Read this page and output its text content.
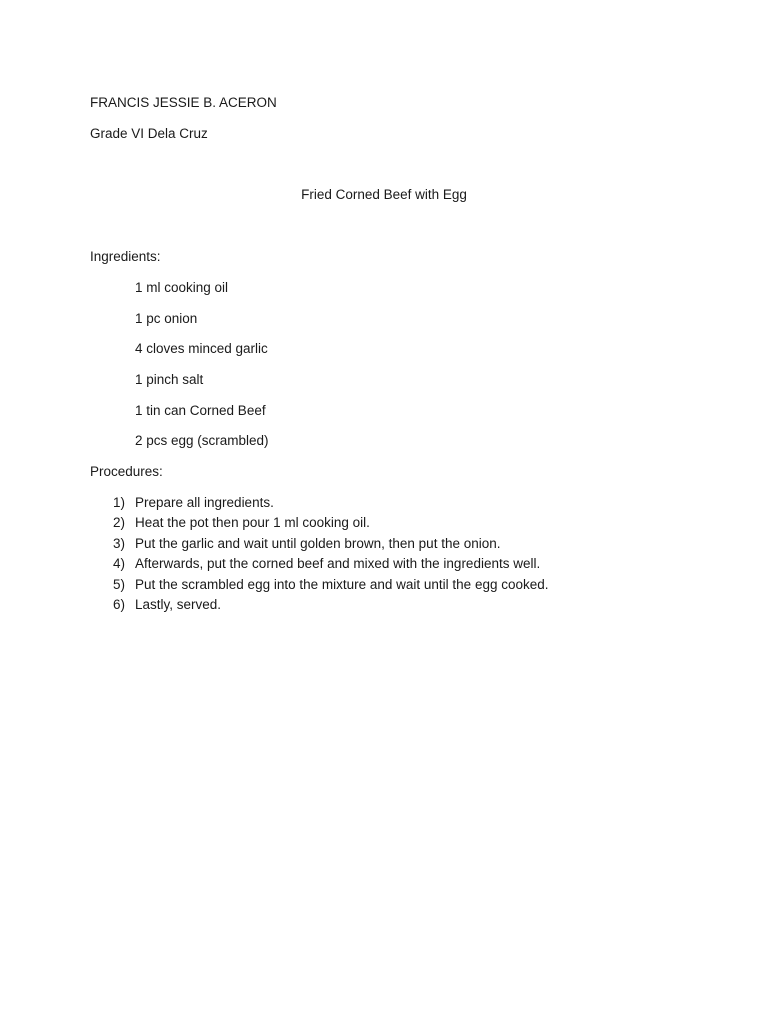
FRANCIS JESSIE B. ACERON
Grade VI Dela Cruz
Fried Corned Beef with Egg
Ingredients:
1 ml cooking oil
1 pc onion
4 cloves minced garlic
1 pinch salt
1 tin can Corned Beef
2 pcs egg (scrambled)
Procedures:
1) Prepare all ingredients.
2) Heat the pot then pour 1 ml cooking oil.
3) Put the garlic and wait until golden brown, then put the onion.
4) Afterwards, put the corned beef and mixed with the ingredients well.
5) Put the scrambled egg into the mixture and wait until the egg cooked.
6) Lastly, served.
